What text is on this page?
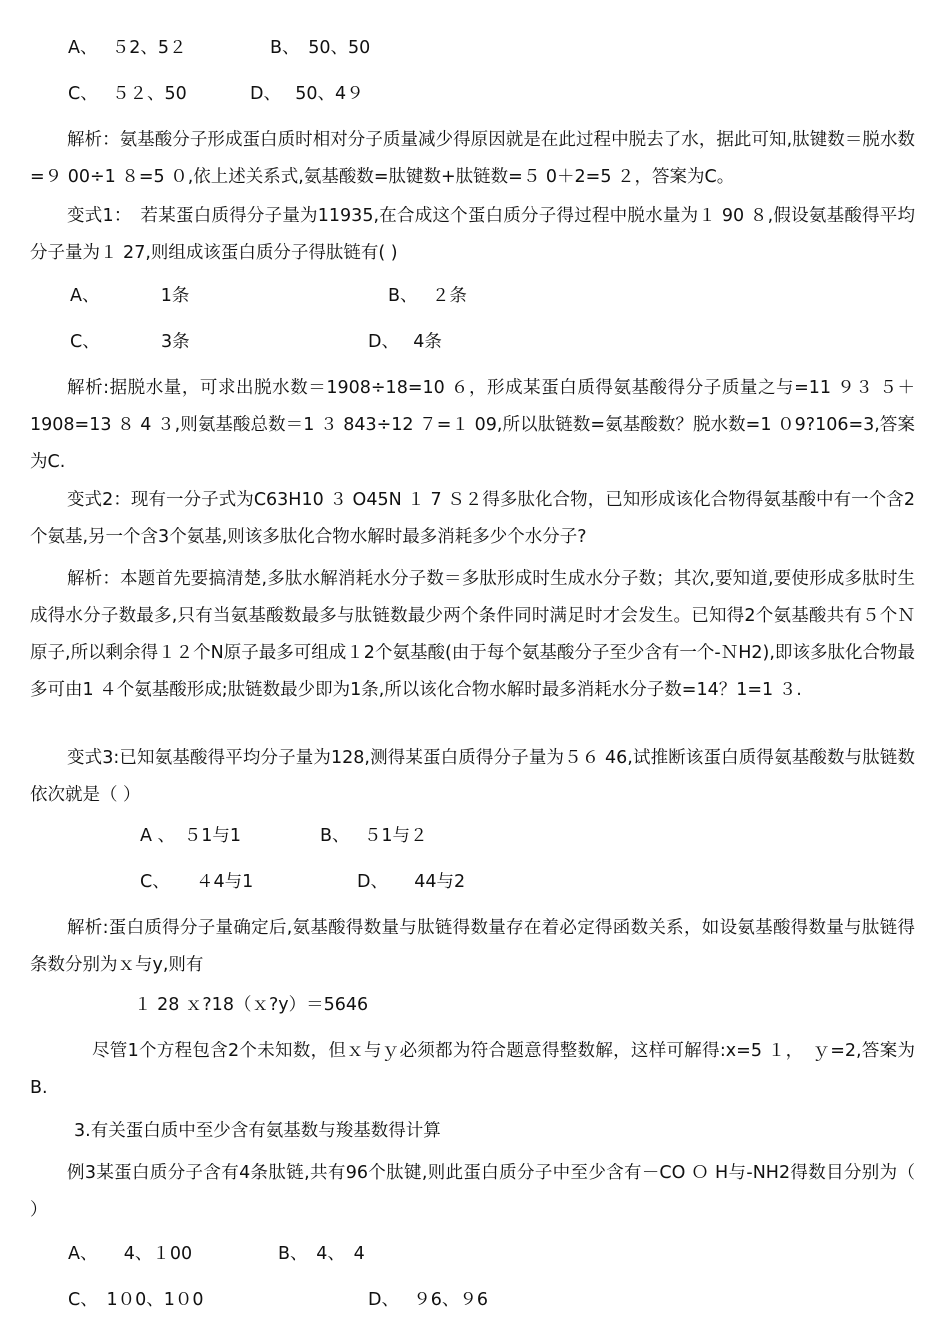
A、　 ５2、5２	B、　50、50
C、　 ５２、50	D、　 50、4９
解析：氨基酸分子形成蛋白质时相对分子质量减少得原因就是在此过程中脱去了水，据此可知,肽键数＝脱水数=９ 00÷1 ８=5 ０,依上述关系式,氨基酸数=肽键数+肽链数=５ 0＋2=5 ２，答案为C。
变式1：　若某蛋白质得分子量为11935,在合成这个蛋白质分子得过程中脱水量为１ 90 ８,假设氨基酸得平均分子量为１ 27,则组成该蛋白质分子得肽链有( )
A、　　　　1条	B、　 ２条
C、　　　　3条	D、　 4条
解析:据脱水量，可求出脱水数＝1908÷18=10 ６，形成某蛋白质得氨基酸得分子质量之与=11 ９３ ５＋1908=13 ８ 4 ３,则氨基酸总数＝1 ３ 843÷12 ７=１ 09,所以肽链数=氨基酸数？脱水数=1 ０9?106=3,答案为C.
变式2：现有一分子式为C63H10 ３ O45N １ 7 Ｓ２得多肽化合物，已知形成该化合物得氨基酸中有一个含2个氨基,另一个含3个氨基,则该多肽化合物水解时最多消耗多少个水分子?
解析：本题首先要搞清楚,多肽水解消耗水分子数＝多肽形成时生成水分子数；其次,要知道,要使形成多肽时生成得水分子数最多,只有当氨基酸数最多与肽链数最少两个条件同时满足时才会发生。已知得2个氨基酸共有５个Ｎ原子,所以剩余得１２个N原子最多可组成１2个氨基酸(由于每个氨基酸分子至少含有一个-ＮH2),即该多肽化合物最多可由1 ４个氨基酸形成;肽链数最少即为1条,所以该化合物水解时最多消耗水分子数=14？1=1 ３.
变式3:已知氨基酸得平均分子量为128,测得某蛋白质得分子量为５６ 46,试推断该蛋白质得氨基酸数与肽链数依次就是（ ）
A 、　５1与1	B、　 ５1与２
C、　　４4与1	D、　　44与2
解析:蛋白质得分子量确定后,氨基酸得数量与肽链得数量存在着必定得函数关系，如设氨基酸得数量与肽链得条数分别为ｘ与y,则有
１ 28 ｘ?18（ｘ?y）＝5646
尽管1个方程包含2个未知数，但ｘ与ｙ必须都为符合题意得整数解，这样可解得:x=5 １，　ｙ=2,答案为B.
3.有关蛋白质中至少含有氨基数与羧基数得计算
例3某蛋白质分子含有4条肽链,共有96个肽键,则此蛋白质分子中至少含有－CO Ｏ H与-NH2得数目分别为（　 ）
A、　　4、１00	B、　4、　4
C、　1０0、1０0	D、　 ９6、９6
